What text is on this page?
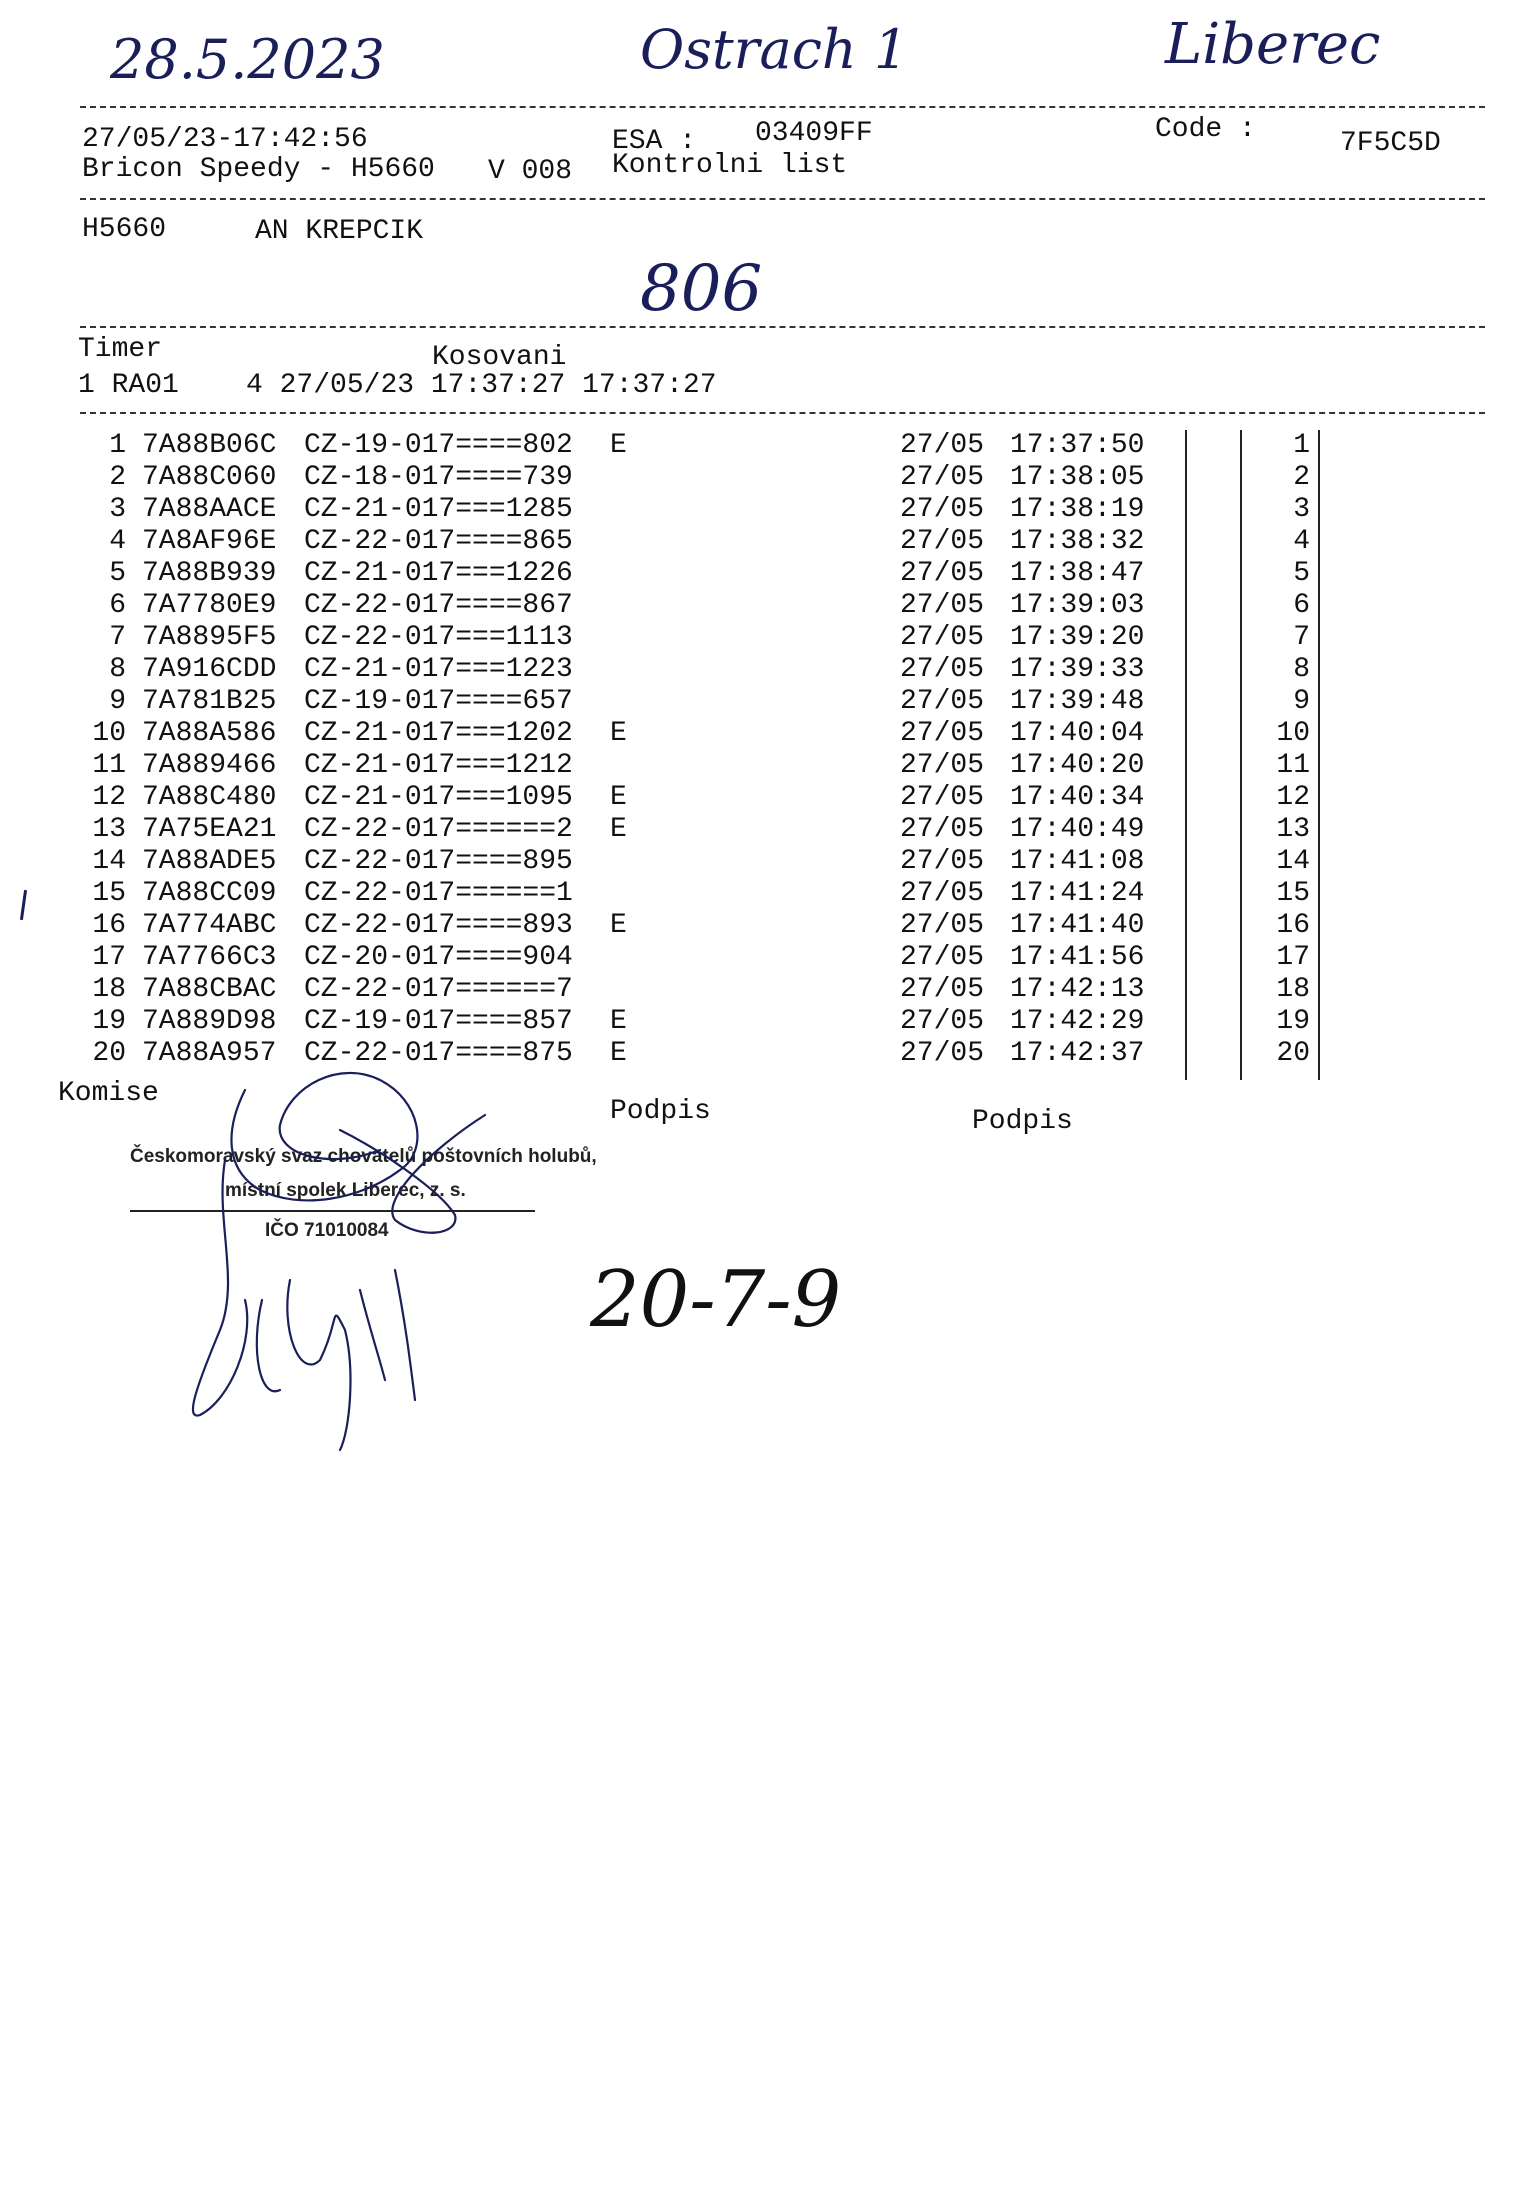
28.5.2023	Ostrach 1	Liberec
27/05/23-17:42:56	ESA : 03409FF	Code :	7F5C5D
Bricon Speedy - H5660 V 008 Kontrolni list
H5660	AN KREPCIK
806
Timer	Kosovani
1 RA01    4 27/05/23 17:37:27 17:37:27
1 7A88B06C CZ-19-017====802 E	27/05 17:37:50	1
2 7A88C060 CZ-18-017====739	27/05 17:38:05	2
3 7A88AACE CZ-21-017===1285	27/05 17:38:19	3
4 7A8AF96E CZ-22-017====865	27/05 17:38:32	4
5 7A88B939 CZ-21-017===1226	27/05 17:38:47	5
6 7A7780E9 CZ-22-017====867	27/05 17:39:03	6
7 7A8895F5 CZ-22-017===1113	27/05 17:39:20	7
8 7A916CDD CZ-21-017===1223	27/05 17:39:33	8
9 7A781B25 CZ-19-017====657	27/05 17:39:48	9
10 7A88A586 CZ-21-017===1202 E	27/05 17:40:04	10
11 7A889466 CZ-21-017===1212	27/05 17:40:20	11
12 7A88C480 CZ-21-017===1095 E	27/05 17:40:34	12
13 7A75EA21 CZ-22-017======2 E	27/05 17:40:49	13
14 7A88ADE5 CZ-22-017====895	27/05 17:41:08	14
15 7A88CC09 CZ-22-017======1	27/05 17:41:24	15
16 7A774ABC CZ-22-017====893 E	27/05 17:41:40	16
17 7A7766C3 CZ-20-017====904	27/05 17:41:56	17
18 7A88CBAC CZ-22-017======7	27/05 17:42:13	18
19 7A889D98 CZ-19-017====857 E	27/05 17:42:29	19
20 7A88A957 CZ-22-017====875 E	27/05 17:42:37	20
Komise
Podpis	Podpis
Českomoravský svaz chovatelů poštovních holubů,
místní spolek Liberec, z. s.
IČO 71010084
20-7-9
